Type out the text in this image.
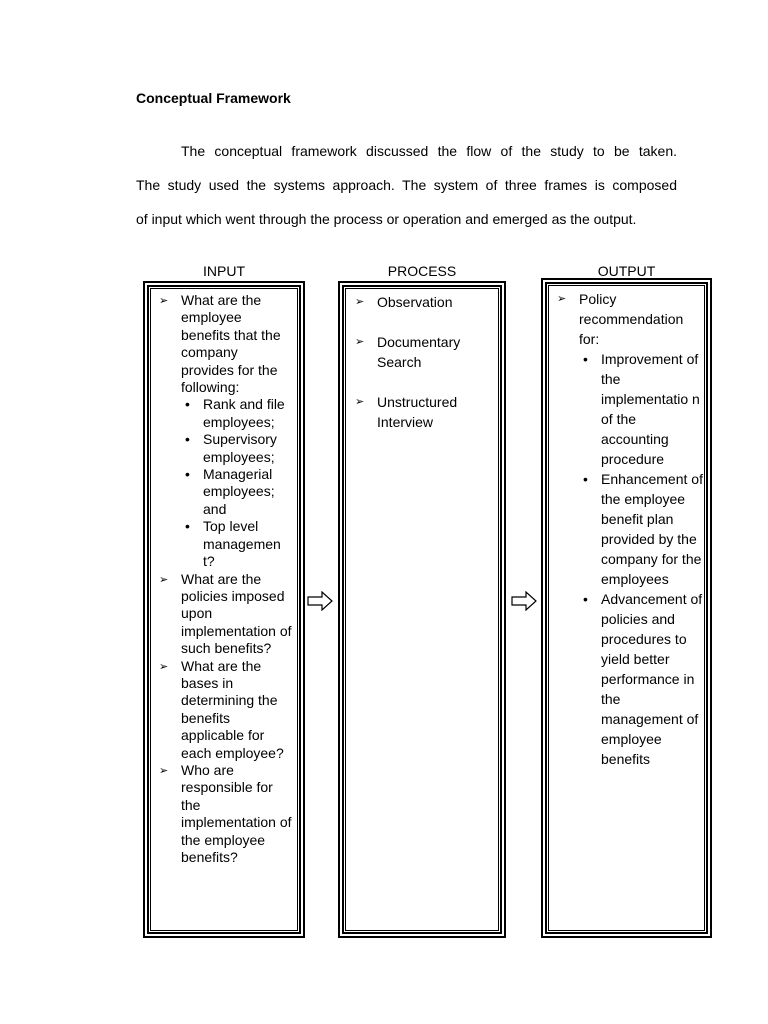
Conceptual Framework

The conceptual framework discussed the flow of the study to be taken.
The study used the systems approach. The system of three frames is composed
of input which went through the process or operation and emerged as the output.

INPUT	PROCESS	OUTPUT
➢ What are the employee benefits that the company provides for the following:
• Rank and file employees;
• Supervisory employees;
• Managerial employees; and
• Top level managemen t?
➢ What are the policies imposed upon implementation of such benefits?
➢ What are the bases in determining the benefits applicable for each employee?
➢ Who are responsible for the implementation of the employee benefits?
➢ Observation
➢ Documentary Search
➢ Unstructured Interview
➢ Policy recommendation for:
• Improvement of the implementatio n of the accounting procedure
• Enhancement of the employee benefit plan provided by the company for the employees
• Advancement of policies and procedures to yield better performance in the management of employee benefits
